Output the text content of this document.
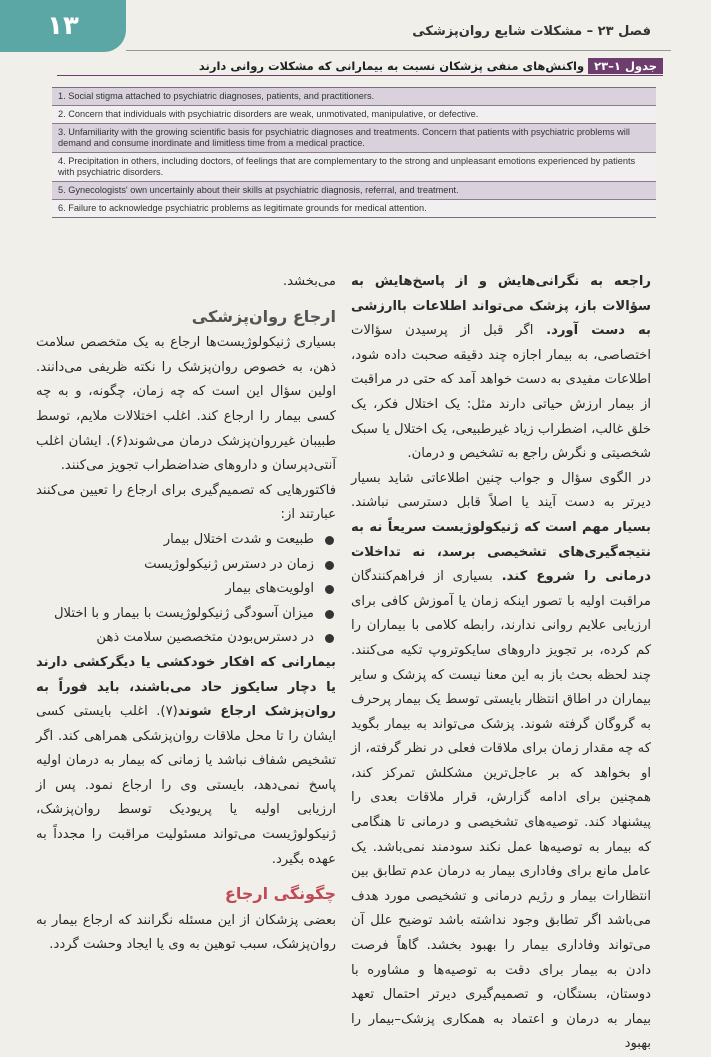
۱۳	فصل ۲۳ – مشکلات شایع روان‌پزشکی
جدول ۱–۲۳
واکنش‌های منفی پزشکان نسبت به بیمارانی که مشکلات روانی دارند
1. Social stigma attached to psychiatric diagnoses, patients, and practitioners.
2. Concern that individuals with psychiatric disorders are weak, unmotivated, manipulative, or defective.
3. Unfamiliarity with the growing scientific basis for psychiatric diagnoses and treatments. Concern that patients with psychiatric problems will demand and consume inordinate and limitless time from a medical practice.
4. Precipitation in others, including doctors, of feelings that are complementary to the strong and unpleasant emotions experienced by patients with psychiatric disorders.
5. Gynecologists' own uncertainly about their skills at psychiatric diagnosis, referral, and treatment.
6. Failure to acknowledge psychiatric problems as legitimate grounds for medical attention.

راجعه به نگرانی‌هایش و از پاسخ‌هایش به سؤالات باز، پزشک می‌تواند اطلاعات باارزشی به دست آورد. اگر قبل از پرسیدن سؤالات اختصاصی، به بیمار اجازه چند دقیقه صحبت داده شود، اطلاعات مفیدی به دست خواهد آمد که حتی در مراقبت از بیمار ارزش حیاتی دارند مثل: یک اختلال فکر، یک خلق غالب، اضطراب زیاد غیرطبیعی، یک اختلال یا سبک شخصیتی و نگرش راجع به تشخیص و درمان.

در الگوی سؤال و جواب چنین اطلاعاتی شاید بسیار دیرتر به دست آیند یا اصلاً قابل دسترسی نباشند. بسیار مهم است که ژنیکولوژیست سریعاً نه به نتیجه‌گیری‌های تشخیصی برسد، نه تداخلات درمانی را شروع کند. بسیاری از فراهم‌کنندگان مراقبت اولیه با تصور اینکه زمان یا آموزش کافی برای ارزیابی علایم روانی ندارند، رابطه کلامی با بیماران را کم کرده، بر تجویز داروهای سایکوتروپ تکیه می‌کنند. چند لحظه بحث باز به این معنا نیست که پزشک و سایر بیماران در اطاق انتظار بایستی توسط یک بیمار پرحرف به گروگان گرفته شوند. پزشک می‌تواند به بیمار بگوید که چه مقدار زمان برای ملاقات فعلی در نظر گرفته، از او بخواهد که بر عاجل‌ترین مشکلش تمرکز کند، همچنین برای ادامه گزارش، قرار ملاقات بعدی را پیشنهاد کند. توصیه‌های تشخیصی و درمانی تا هنگامی که بیمار به توصیه‌ها عمل نکند سودمند نمی‌باشد. یک عامل مانع برای وفاداری بیمار به درمان عدم تطابق بین انتظارات بیمار و رژیم درمانی و تشخیصی مورد هدف می‌باشد اگر تطابق وجود نداشته باشد توضیح علل آن می‌تواند وفاداری بیمار را بهبود بخشد. گاهاً فرصت دادن به بیمار برای دقت به توصیه‌ها و مشاوره با دوستان، بستگان، و تصمیم‌گیری دیرتر احتمال تعهد بیمار به درمان و اعتماد به همکاری پزشک–بیمار را بهبود

می‌بخشد.

ارجاع روان‌پزشکی

بسیاری ژنیکولوژیست‌ها ارجاع به یک متخصص سلامت ذهن، به خصوص روان‌پزشک را نکته ظریفی می‌دانند. اولین سؤال این است که چه زمان، چگونه، و به چه کسی بیمار را ارجاع کند. اغلب اختلالات ملایم، توسط طبیبان غیرروان‌پزشک درمان می‌شوند(۶). ایشان اغلب آنتی‌دپرسان و داروهای ضداضطراب تجویز می‌کنند.

فاکتورهایی که تصمیم‌گیری برای ارجاع را تعیین می‌کنند عبارتند از:

طبیعت و شدت اختلال بیمار
زمان در دسترس ژنیکولوژیست
اولویت‌های بیمار
میزان آسودگی ژنیکولوژیست با بیمار و با اختلال
در دسترس‌بودن متخصصین سلامت ذهن

بیمارانی که افکار خودکشی یا دیگرکشی دارند یا دچار سایکوز حاد می‌باشند، باید فوراً به روان‌پزشک ارجاع شوند(۷). اغلب بایستی کسی ایشان را تا محل ملاقات روان‌پزشکی همراهی کند. اگر تشخیص شفاف نباشد یا زمانی که بیمار به درمان اولیه پاسخ نمی‌دهد، بایستی وی را ارجاع نمود. پس از ارزیابی اولیه یا پریودیک توسط روان‌پزشک، ژنیکولوژیست می‌تواند مسئولیت مراقبت را مجدداً به عهده بگیرد.

چگونگی ارجاع

بعضی پزشکان از این مسئله نگرانند که ارجاع بیمار به روان‌پزشک، سبب توهین به وی یا ایجاد وحشت گردد.
